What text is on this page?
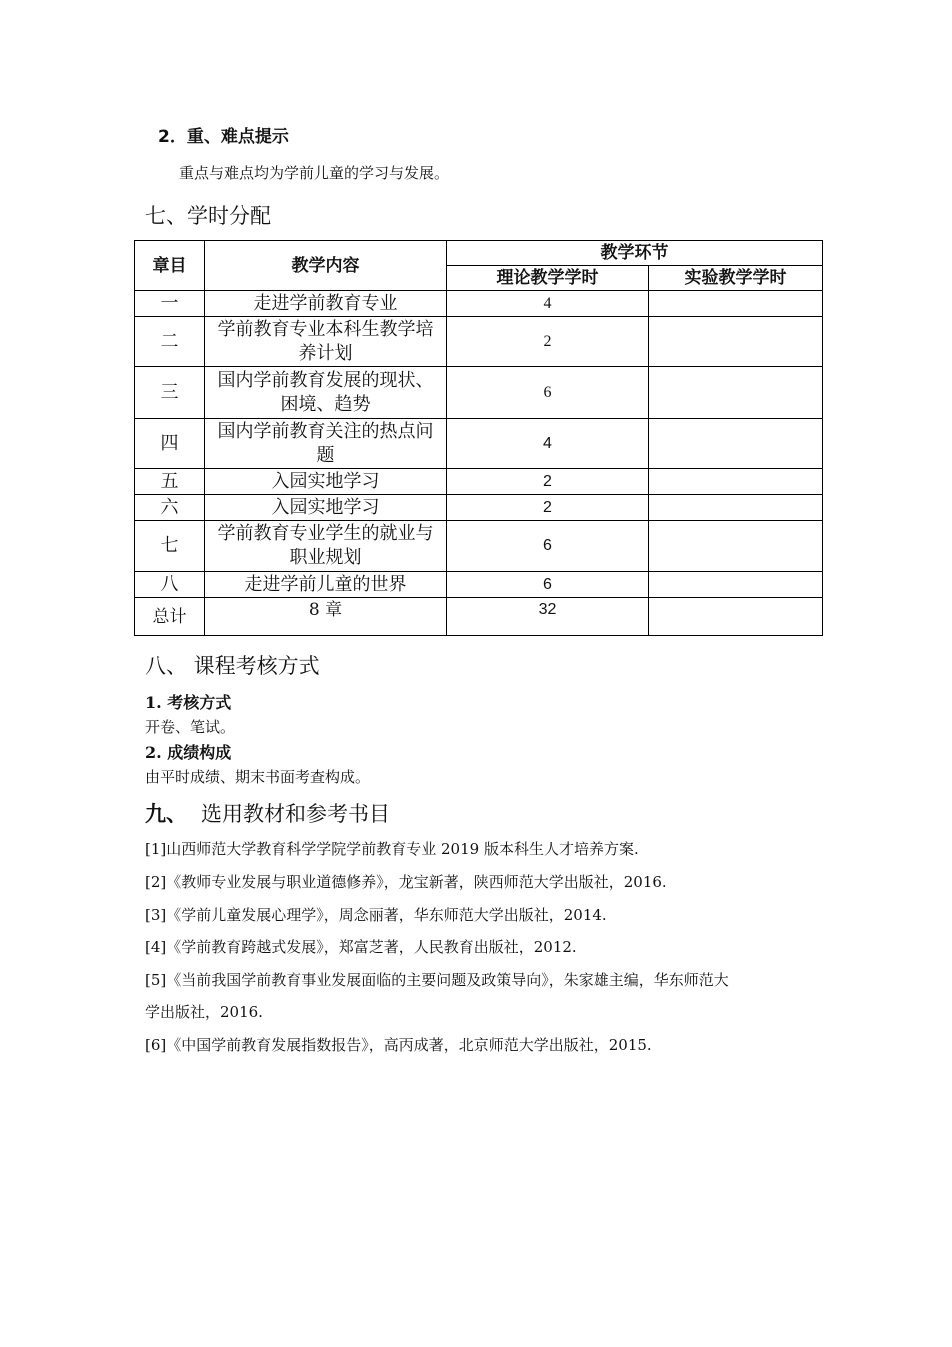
2．重、难点提示
重点与难点均为学前儿童的学习与发展。
七、学时分配
章目	教学内容	教学环节	
		理论教学学时	实验教学学时
一	走进学前教育专业	4	
二	学前教育专业本科生教学培养计划	2	
三	国内学前教育发展的现状、困境、趋势	6	
四	国内学前教育关注的热点问题	4	
五	入园实地学习	2	
六	入园实地学习	2	
七	学前教育专业学生的就业与职业规划	6	
八	走进学前儿童的世界	6	
总计	8 章	32	
八、 课程考核方式
1. 考核方式
开卷、笔试。
2. 成绩构成
由平时成绩、期末书面考查构成。
九、 选用教材和参考书目
[1]山西师范大学教育科学学院学前教育专业 2019 版本科生人才培养方案.
[2]《教师专业发展与职业道德修养》，龙宝新著，陕西师范大学出版社，2016.
[3]《学前儿童发展心理学》，周念丽著，华东师范大学出版社，2014.
[4]《学前教育跨越式发展》，郑富芝著，人民教育出版社，2012.
[5]《当前我国学前教育事业发展面临的主要问题及政策导向》，朱家雄主编，华东师范大
学出版社，2016.
[6]《中国学前教育发展指数报告》，高丙成著，北京师范大学出版社，2015.
